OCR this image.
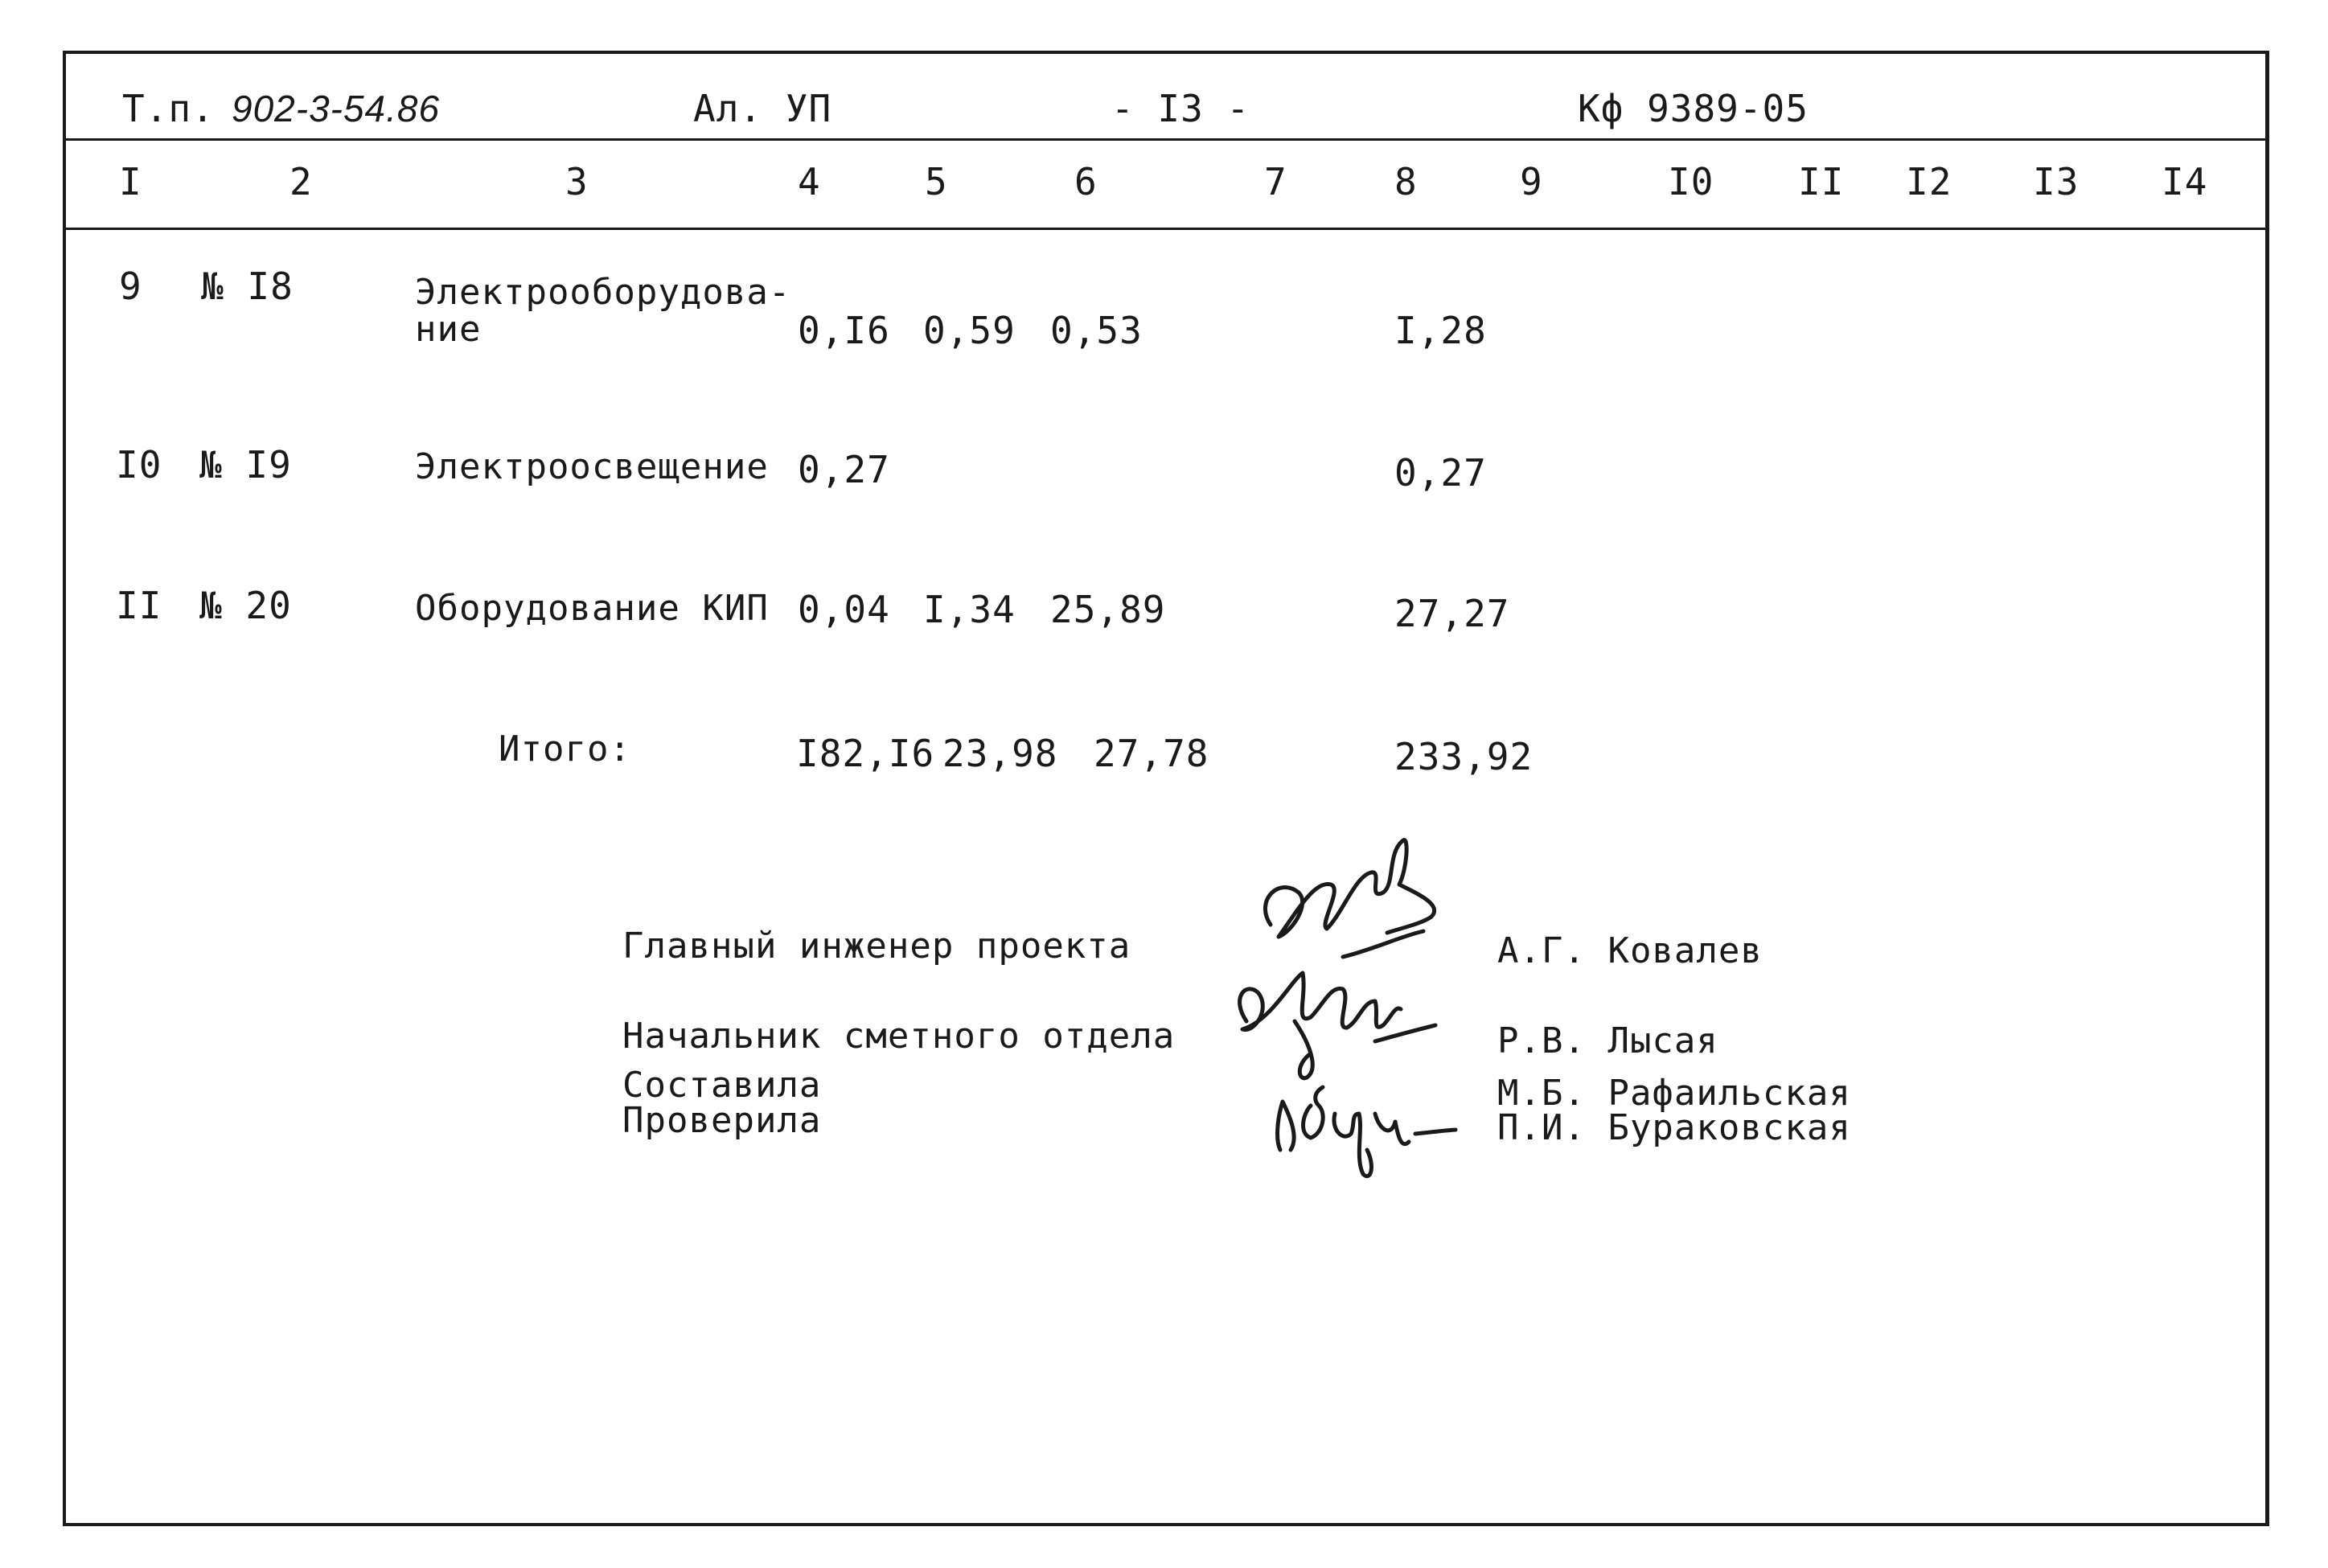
Т.п. 902-3-54.86	Ал. УП	- I3 -	Кф 9389-05
I	2	3	4	5	6	7	8	9	I0 II I2 I3 I4
9 № I8	Электрооборудова-
ние	0,I6 0,59 0,53	I,28
I0 № I9	Электроосвещение 0,27	0,27
II № 20	Оборудование КИП 0,04 I,34 25,89	27,27
Итого:	I82,I6 23,98 27,78	233,92
Главный инженер проекта
Начальник сметного отдела
Составила
Проверила
А.Г. Ковалев
Р.В. Лысая
М.Б. Рафаильская
П.И. Бураковская
